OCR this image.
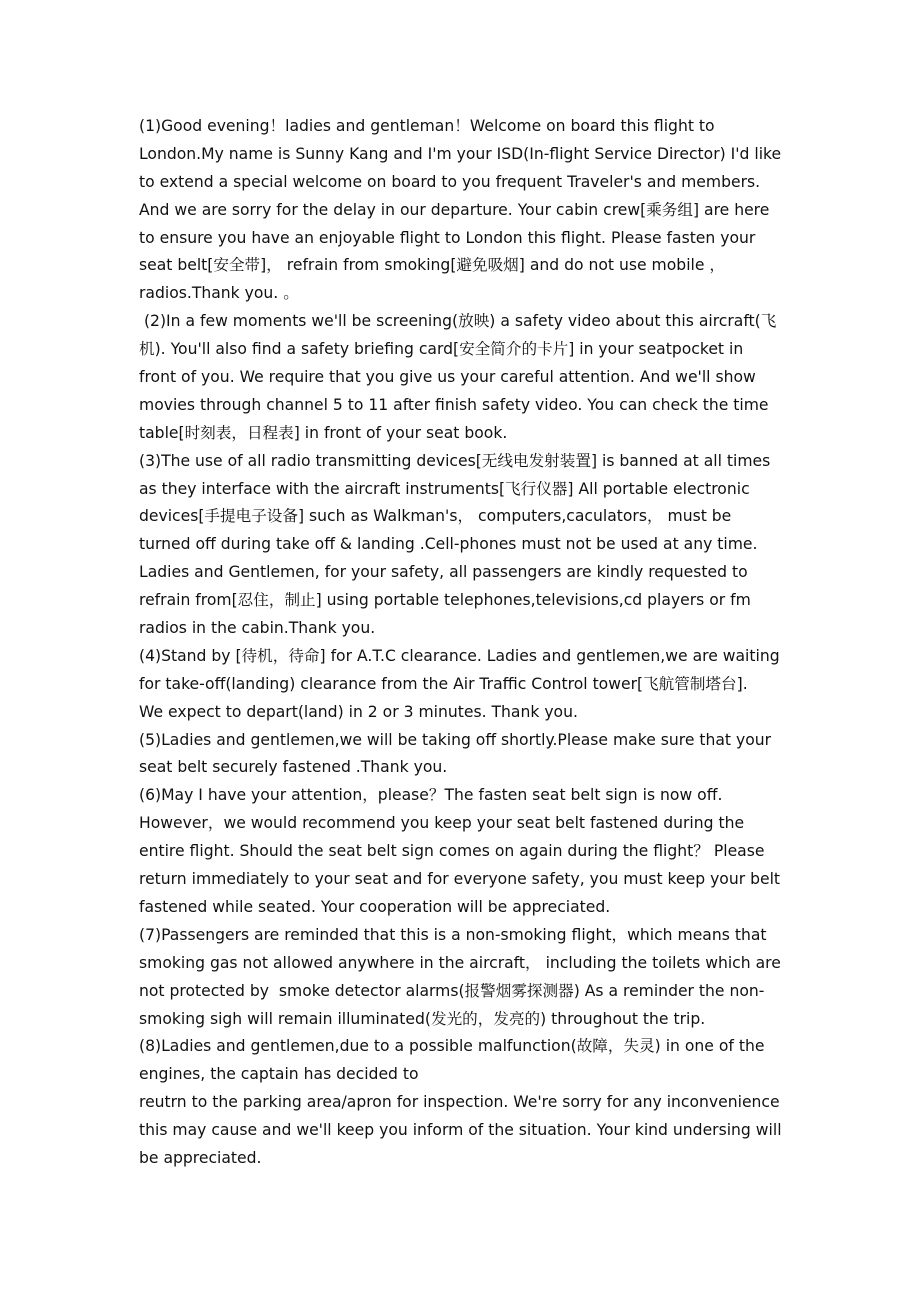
(1)Good evening！ladies and gentleman！Welcome on board this flight to
London.My name is Sunny Kang and I'm your ISD(In-flight Service Director) I'd like
to extend a special welcome on board to you frequent Traveler's and members.
And we are sorry for the delay in our departure. Your cabin crew[乘务组] are here
to ensure you have an enjoyable flight to London this flight. Please fasten your
seat belt[安全带]， refrain from smoking[避免吸烟] and do not use mobile ，
radios.Thank you. 。
(2)In a few moments we'll be screening(放映) a safety video about this aircraft(飞
机). You'll also find a safety briefing card[安全简介的卡片] in your seatpocket in
front of you. We require that you give us your careful attention. And we'll show
movies through channel 5 to 11 after finish safety video. You can check the time
table[时刻表，日程表] in front of your seat book.
(3)The use of all radio transmitting devices[无线电发射装置] is banned at all times
as they interface with the aircraft instruments[飞行仪器] All portable electronic
devices[手提电子设备] such as Walkman's， computers,caculators， must be
turned off during take off & landing .Cell-phones must not be used at any time.
Ladies and Gentlemen, for your safety, all passengers are kindly requested to
refrain from[忍住，制止] using portable telephones,televisions,cd players or fm
radios in the cabin.Thank you.
(4)Stand by [待机，待命] for A.T.C clearance. Ladies and gentlemen,we are waiting
for take-off(landing) clearance from the Air Traffic Control tower[飞航管制塔台].
We expect to depart(land) in 2 or 3 minutes. Thank you.
(5)Ladies and gentlemen,we will be taking off shortly.Please make sure that your
seat belt securely fastened .Thank you.
(6)May I have your attention，please？The fasten seat belt sign is now off.
However，we would recommend you keep your seat belt fastened during the
entire flight. Should the seat belt sign comes on again during the flight？ Please
return immediately to your seat and for everyone safety, you must keep your belt
fastened while seated. Your cooperation will be appreciated.
(7)Passengers are reminded that this is a non-smoking flight，which means that
smoking gas not allowed anywhere in the aircraft， including the toilets which are
not protected by  smoke detector alarms(报警烟雾探测器) As a reminder the non-
smoking sigh will remain illuminated(发光的，发亮的) throughout the trip.
(8)Ladies and gentlemen,due to a possible malfunction(故障，失灵) in one of the
engines, the captain has decided to
reutrn to the parking area/apron for inspection. We're sorry for any inconvenience
this may cause and we'll keep you inform of the situation. Your kind undersing will
be appreciated.
